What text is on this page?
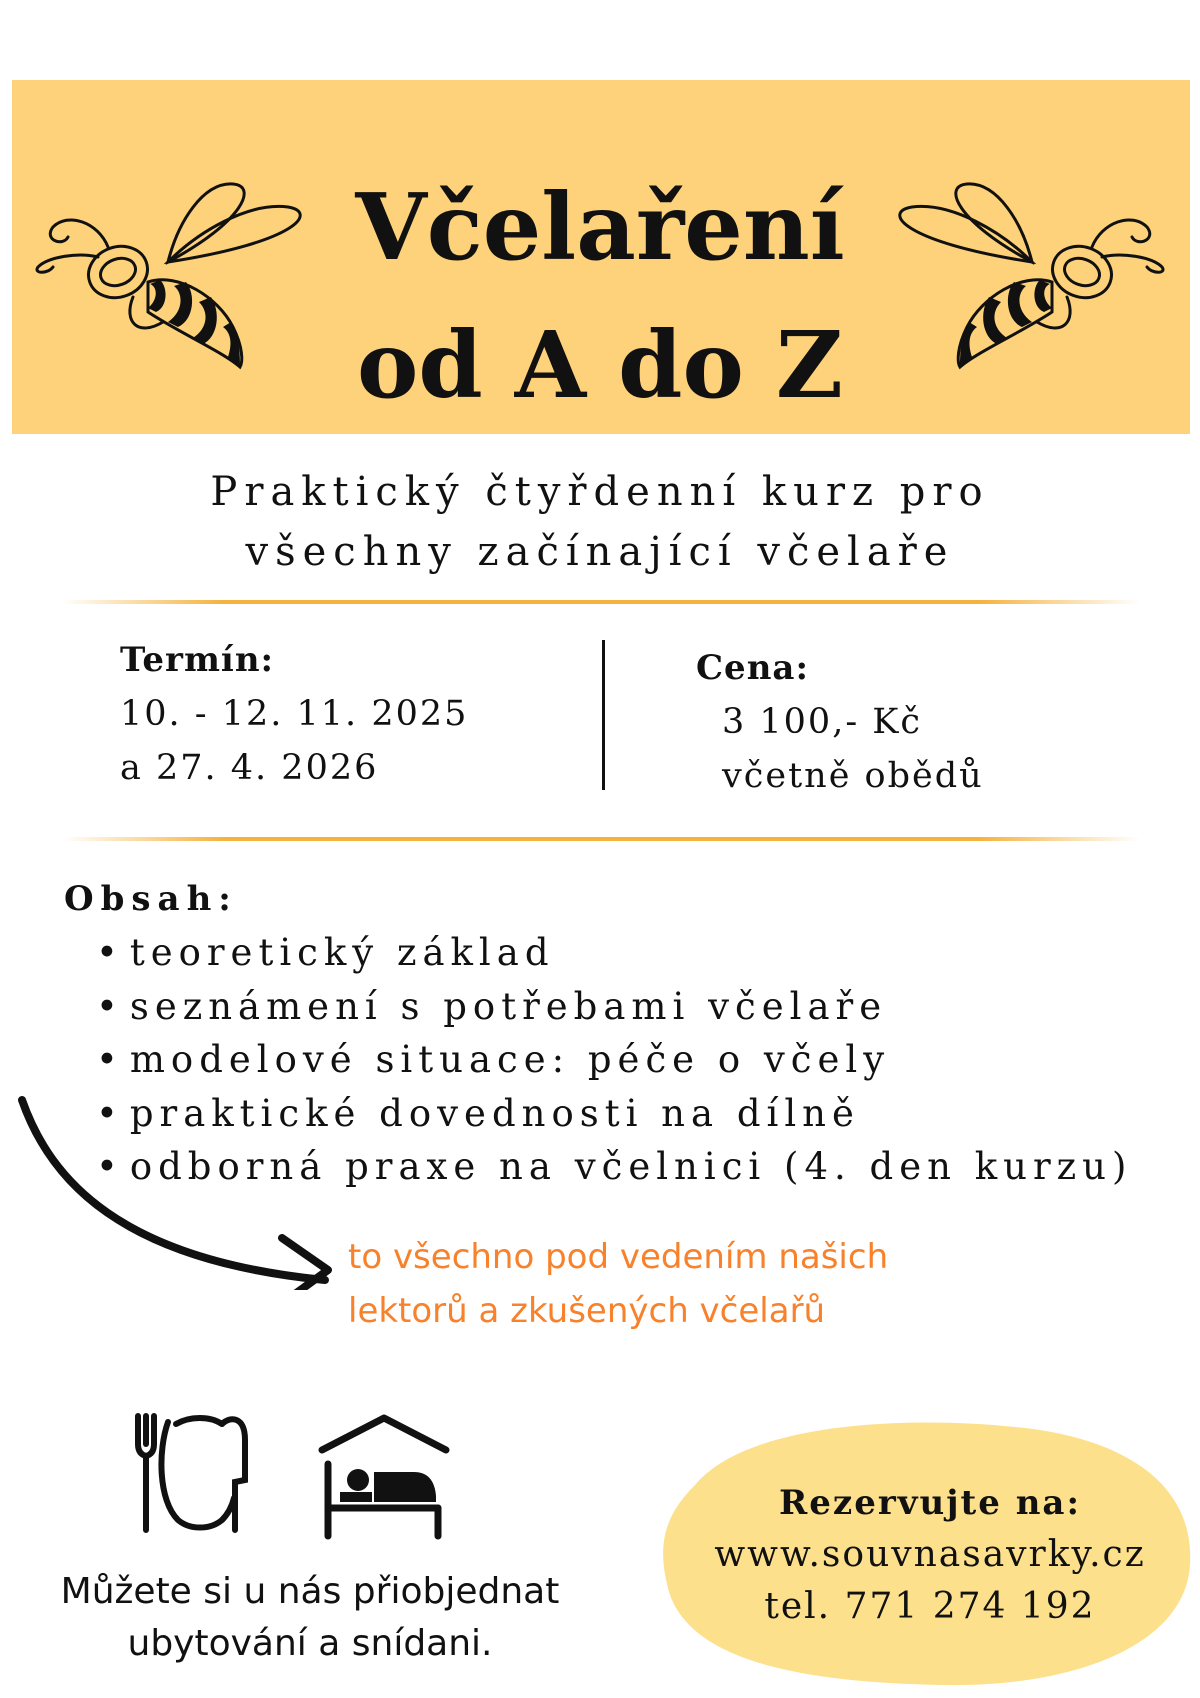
Včelaření
od A do Z

Praktický čtyřdenní kurz pro
všechny začínající včelaře

Termín:
10. - 12. 11. 2025
a 27. 4. 2026
Cena:
3 100,- Kč
včetně obědů
Obsah:
• teoretický základ
• seznámení s potřebami včelaře
• modelové situace: péče o včely
• praktické dovednosti na dílně
• odborná praxe na včelnici (4. den kurzu)
to všechno pod vedením našich
lektorů a zkušených včelařů
Můžete si u nás přiobjednat
ubytování a snídani.
Rezervujte na:
www.souvnasavrky.cz
tel. 771 274 192
